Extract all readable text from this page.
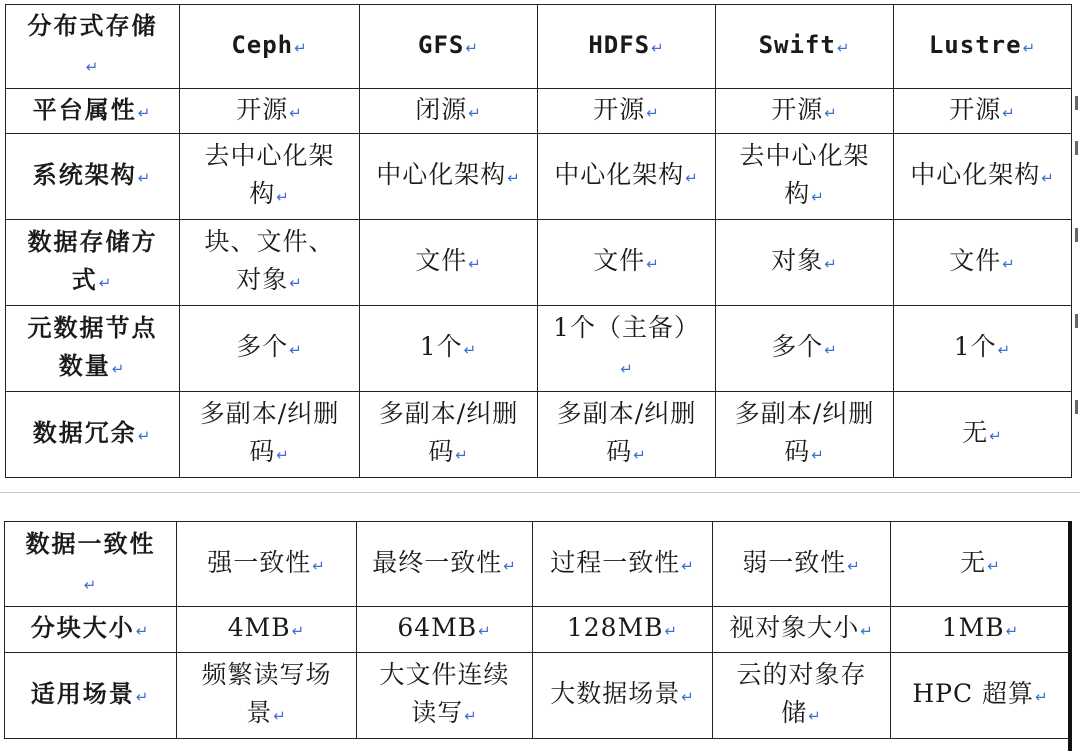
分布式存储↵	Ceph↵	GFS↵	HDFS↵	Swift↵	Lustre↵
平台属性↵	开源↵	闭源↵	开源↵	开源↵	开源↵
系统架构↵	去中心化架构↵	中心化架构↵	中心化架构↵	去中心化架构↵	中心化架构↵
数据存储方式↵	块、文件、对象↵	文件↵	文件↵	对象↵	文件↵
元数据节点数量↵	多个↵	1个↵	1个（主备）↵	多个↵	1个↵
数据冗余↵	多副本/纠删码↵	多副本/纠删码↵	多副本/纠删码↵	多副本/纠删码↵	无↵
数据一致性↵	强一致性↵	最终一致性↵	过程一致性↵	弱一致性↵	无↵
分块大小↵	4MB↵	64MB↵	128MB↵	视对象大小↵	1MB↵
适用场景↵	频繁读写场景↵	大文件连续读写↵	大数据场景↵	云的对象存储↵	HPC 超算↵
